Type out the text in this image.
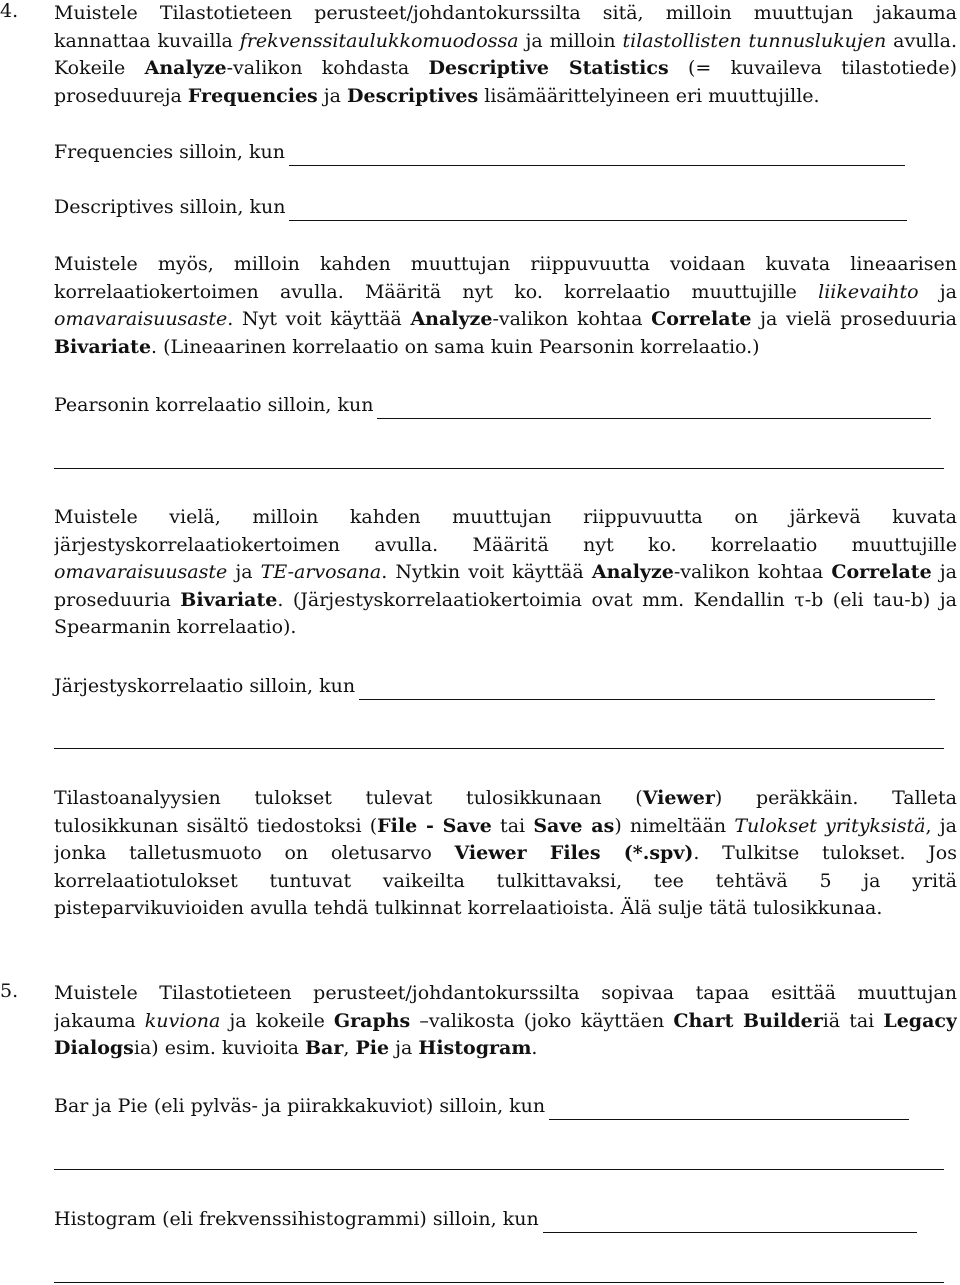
4. Muistele Tilastotieteen perusteet/johdantokurssilta sitä, milloin muuttujan jakauma
kannattaa kuvailla frekvenssitaulukkomuodossa ja milloin tilastollisten tunnuslukujen avulla.
Kokeile Analyze-valikon kohdasta Descriptive Statistics (= kuvaileva tilastotiede)
proseduureja Frequencies ja Descriptives lisämäärittelyineen eri muuttujille.
Frequencies silloin, kun
Descriptives silloin, kun
Muistele myös, milloin kahden muuttujan riippuvuutta voidaan kuvata lineaarisen
korrelaatiokertoimen avulla. Määritä nyt ko. korrelaatio muuttujille liikevaihto ja
omavaraisuusaste. Nyt voit käyttää Analyze-valikon kohtaa Correlate ja vielä proseduuria
Bivariate. (Lineaarinen korrelaatio on sama kuin Pearsonin korrelaatio.)
Pearsonin korrelaatio silloin, kun
Muistele vielä, milloin kahden muuttujan riippuvuutta on järkevä kuvata
järjestyskorrelaatiokertoimen avulla. Määritä nyt ko. korrelaatio muuttujille
omavaraisuusaste ja TE-arvosana. Nytkin voit käyttää Analyze-valikon kohtaa Correlate ja
proseduuria Bivariate. (Järjestyskorrelaatiokertoimia ovat mm. Kendallin τ-b (eli tau-b) ja
Spearmanin korrelaatio).
Järjestyskorrelaatio silloin, kun
Tilastoanalyysien tulokset tulevat tulosikkunaan (Viewer) peräkkäin. Talleta
tulosikkunan sisältö tiedostoksi (File - Save tai Save as) nimeltään Tulokset yrityksistä, ja
jonka talletusmuoto on oletusarvo Viewer Files (*.spv). Tulkitse tulokset. Jos
korrelaatiotulokset tuntuvat vaikeilta tulkittavaksi, tee tehtävä 5 ja yritä
pisteparvikuvioiden avulla tehdä tulkinnat korrelaatioista. Älä sulje tätä tulosikkunaa.
5. Muistele Tilastotieteen perusteet/johdantokurssilta sopivaa tapaa esittää muuttujan
jakauma kuviona ja kokeile Graphs –valikosta (joko käyttäen Chart Builderiä tai Legacy
Dialogsia) esim. kuvioita Bar, Pie ja Histogram.
Bar ja Pie (eli pylväs- ja piirakkakuviot) silloin, kun
Histogram (eli frekvenssihistogrammi) silloin, kun
